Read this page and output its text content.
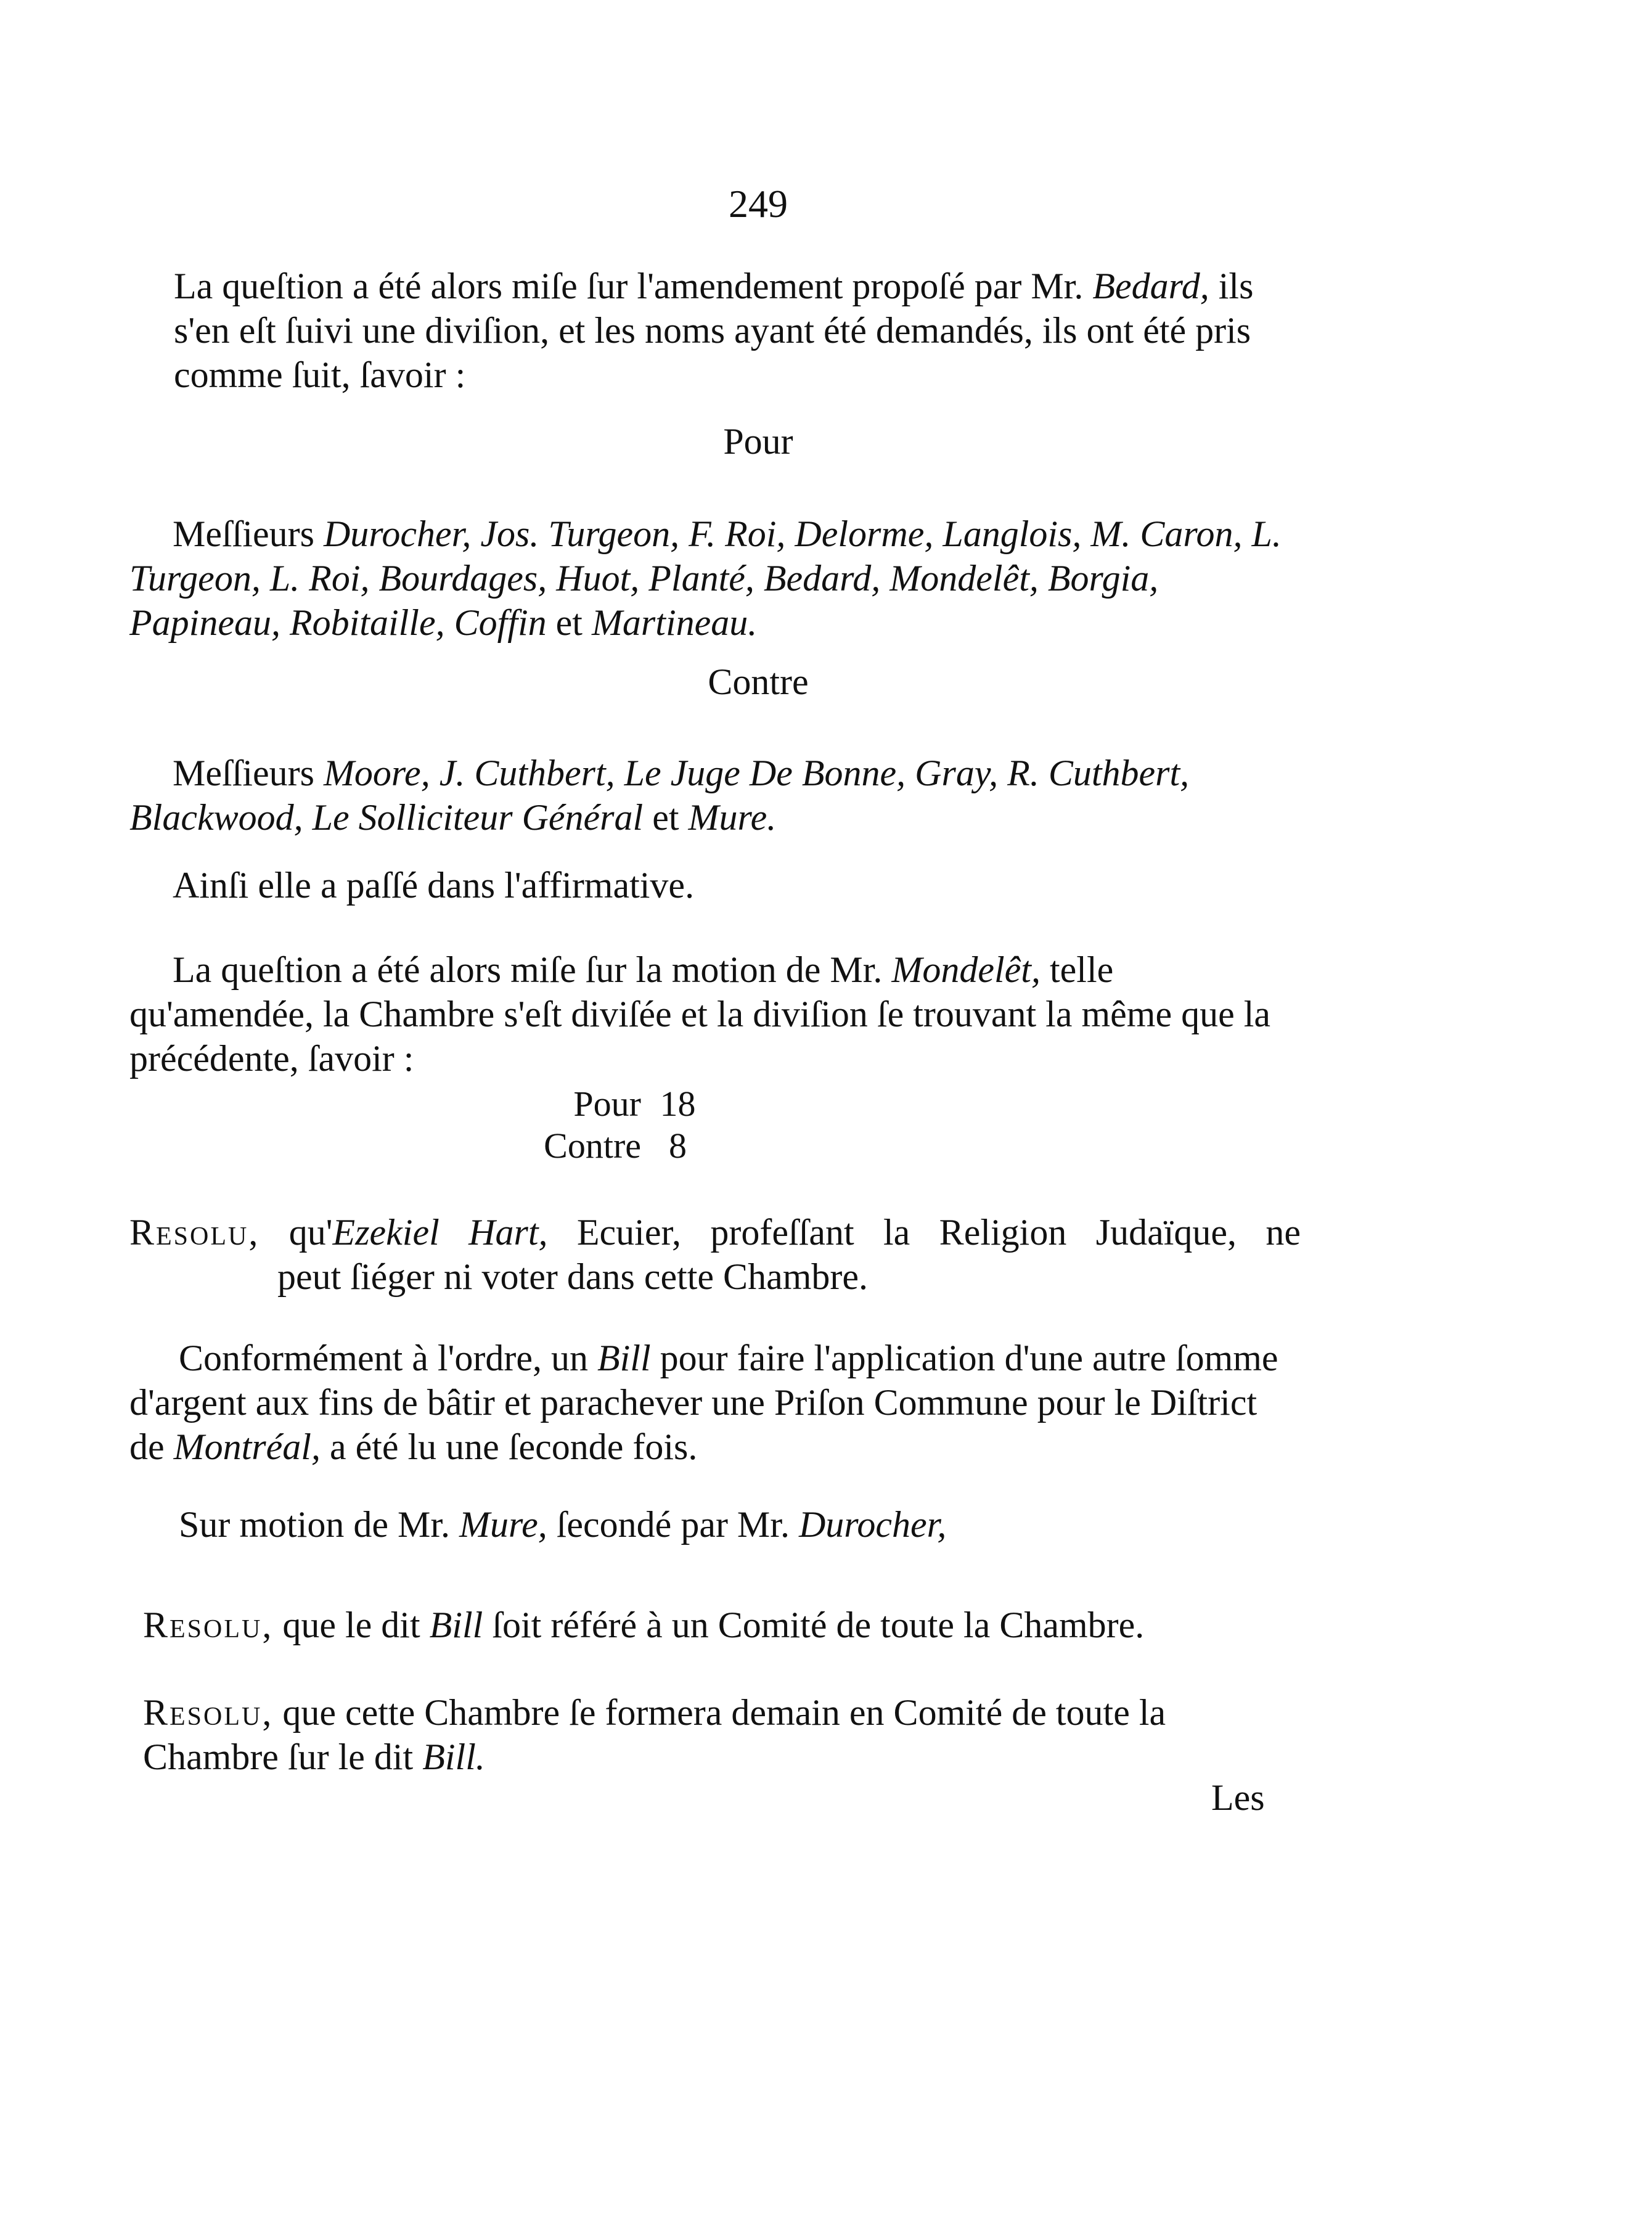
249
La queſtion a été alors miſe ſur l'amendement propoſé par Mr. Bedard, ils s'en eſt ſuivi une diviſion, et les noms ayant été demandés, ils ont été pris comme ſuit, ſavoir :
Pour
Meſſieurs Durocher, Jos. Turgeon, F. Roi, Delorme, Langlois, M. Caron, L. Turgeon, L. Roi, Bourdages, Huot, Planté, Bedard, Mondelêt, Borgia, Papineau, Robitaille, Coffin et Martineau.
Contre
Meſſieurs Moore, J. Cuthbert, Le Juge De Bonne, Gray, R. Cuthbert, Blackwood, Le Solliciteur Général et Mure.
Ainſi elle a paſſé dans l'affirmative.
La queſtion a été alors miſe ſur la motion de Mr. Mondelêt, telle qu'amendée, la Chambre s'eſt diviſée et la diviſion ſe trouvant la même que la précédente, ſavoir :
Pour 18
Contre 8
Resolu, qu'Ezekiel Hart, Ecuier, profeſſant la Religion Judaïque, ne
peut ſiéger ni voter dans cette Chambre.
Conformément à l'ordre, un Bill pour faire l'application d'une autre ſomme d'argent aux fins de bâtir et parachever une Priſon Commune pour le Diſtrict de Montréal, a été lu une ſeconde fois.
Sur motion de Mr. Mure, ſecondé par Mr. Durocher,
Resolu, que le dit Bill ſoit référé à un Comité de toute la Chambre.
Resolu, que cette Chambre ſe formera demain en Comité de toute la Chambre ſur le dit Bill.
Les
